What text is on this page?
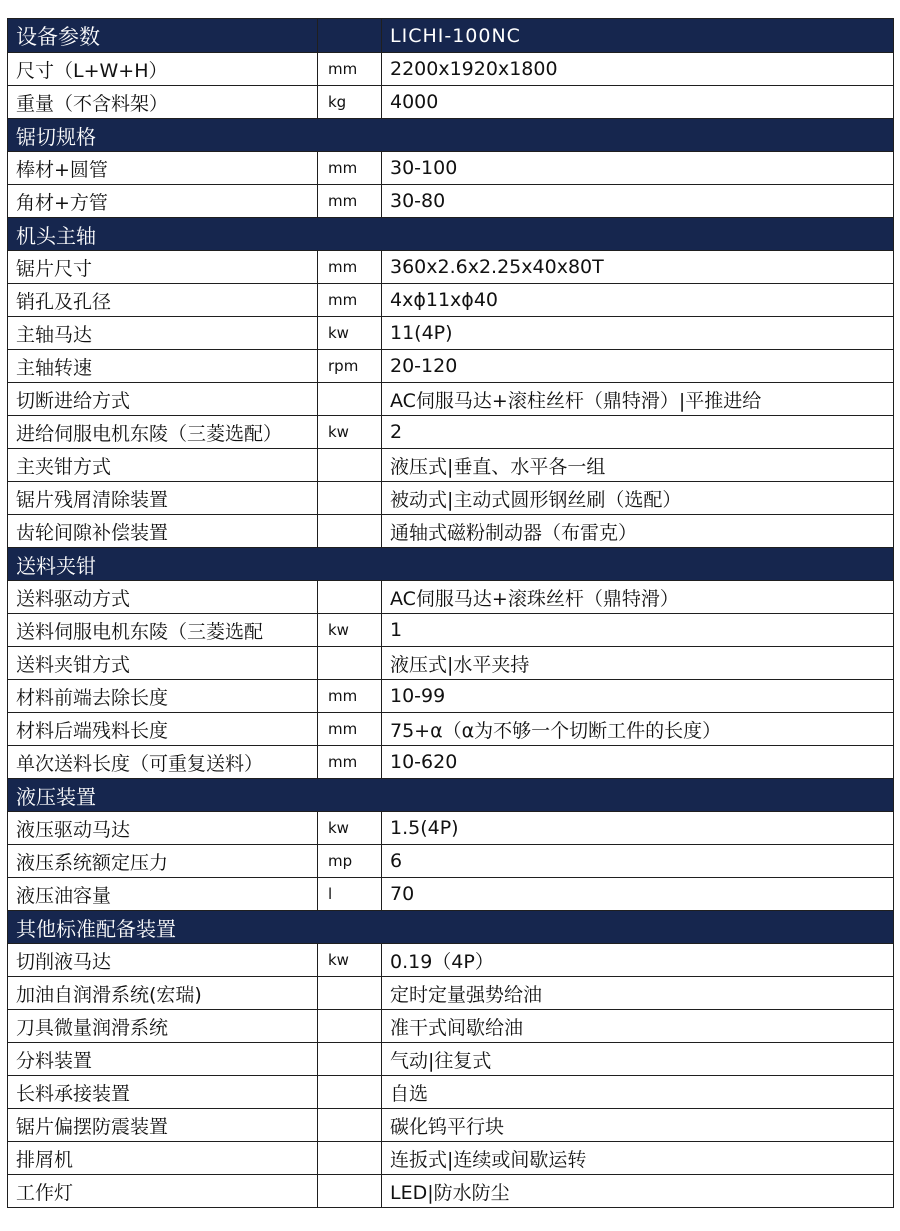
设备参数		LICHI-100NC
尺寸（L+W+H）	mm	2200x1920x1800
重量（不含料架）	kg	4000
锯切规格		
棒材+圆管	mm	30-100
角材+方管	mm	30-80
机头主轴		
锯片尺寸	mm	360x2.6x2.25x40x80T
销孔及孔径	mm	4xϕ11xϕ40
主轴马达	kw	11(4P)
主轴转速	rpm	20-120
切断进给方式		AC伺服马达+滚柱丝杆（鼎特滑）|平推进给
进给伺服电机东陵（三菱选配）	kw	2
主夹钳方式		液压式|垂直、水平各一组
锯片残屑清除装置		被动式|主动式圆形钢丝刷（选配）
齿轮间隙补偿装置		通轴式磁粉制动器（布雷克）
送料夹钳		
送料驱动方式		AC伺服马达+滚珠丝杆（鼎特滑）
送料伺服电机东陵（三菱选配	kw	1
送料夹钳方式		液压式|水平夹持
材料前端去除长度	mm	10-99
材料后端残料长度	mm	75+α（α为不够一个切断工件的长度）
单次送料长度（可重复送料）	mm	10-620
液压装置		
液压驱动马达	kw	1.5(4P)
液压系统额定压力	mp	6
液压油容量	l	70
其他标准配备装置		
切削液马达	kw	0.19（4P）
加油自润滑系统(宏瑞)		定时定量强势给油
刀具微量润滑系统		准干式间歇给油
分料装置		气动|往复式
长料承接装置		自选
锯片偏摆防震装置		碳化钨平行块
排屑机		连扳式|连续或间歇运转
工作灯		LED|防水防尘
